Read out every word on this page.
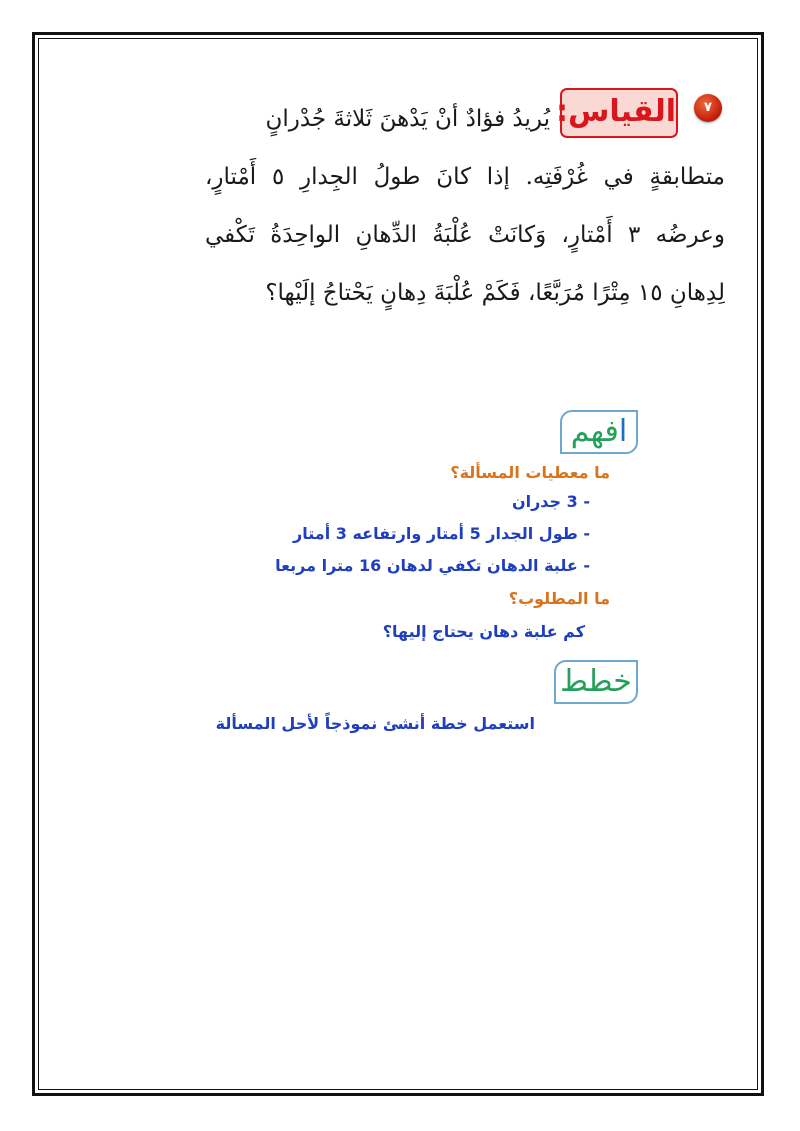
٧
القياس:
يُريدُ فؤادٌ أنْ يَدْهنَ ثَلاثةَ جُدْرانٍ
متطابقةٍ في غُرْفَتِه. إذا كانَ طولُ الجِدارِ ٥ أَمْتارٍ، وعرضُه ٣ أَمْتارٍ، وَكانَتْ عُلْبَةُ الدِّهانِ الواحِدَةُ تَكْفي لِدِهانِ ١٥ مِتْرًا مُرَبَّعًا، فَكَمْ عُلْبَةَ دِهانٍ يَحْتاجُ إلَيْها؟
افهم
ما معطيات المسألة؟
- 3 جدران
- طول الجدار 5 أمتار وارتفاعه 3 أمتار
- علبة الدهان تكفي لدهان 16 مترا مربعا
ما المطلوب؟
كم علبة دهان يحتاج إليها؟
خطط
استعمل خطة أنشئ نموذجاً لأحل المسألة
